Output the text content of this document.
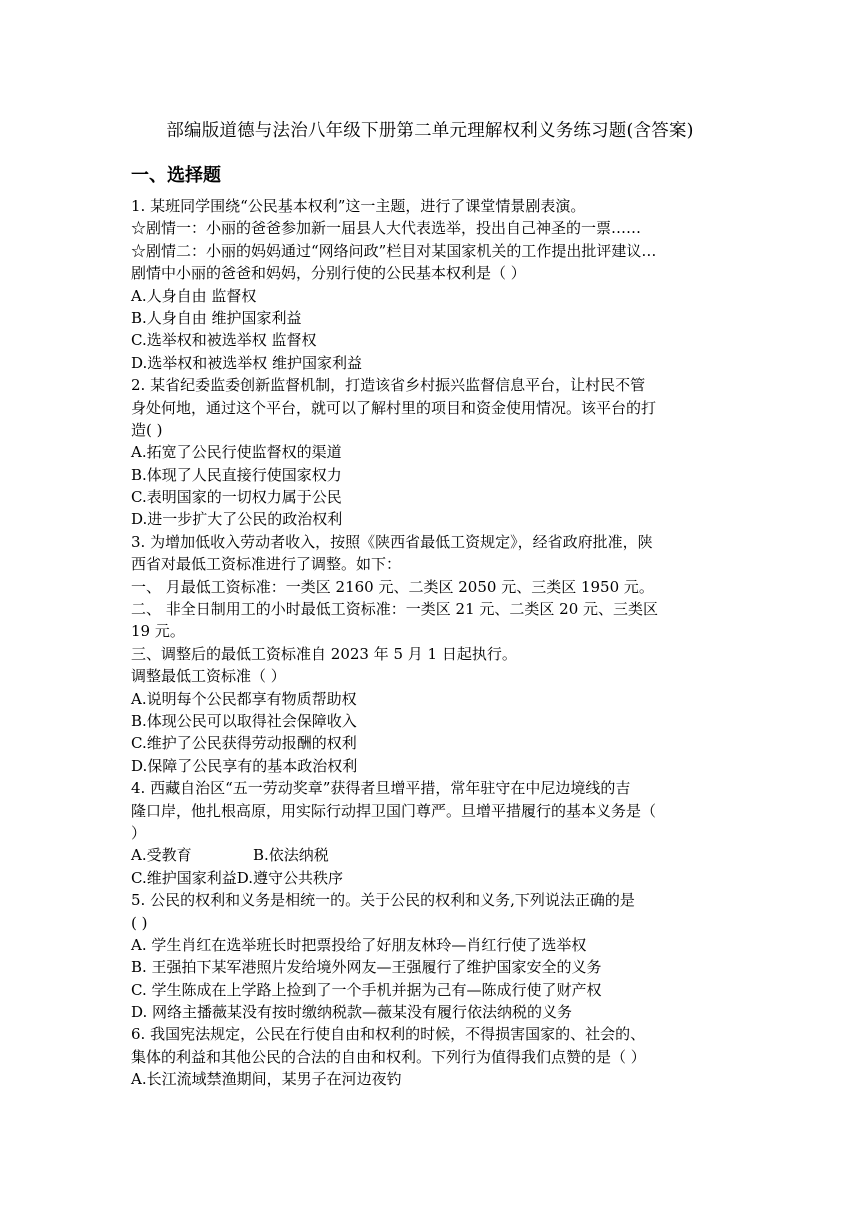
部编版道德与法治八年级下册第二单元理解权利义务练习题(含答案)
一、选择题
1. 某班同学围绕“公民基本权利”这一主题，进行了课堂情景剧表演。
☆剧情一：小丽的爸爸参加新一届县人大代表选举，投出自己神圣的一票……
☆剧情二：小丽的妈妈通过“网络问政”栏目对某国家机关的工作提出批评建议…
剧情中小丽的爸爸和妈妈，分别行使的公民基本权利是（ ）
A.人身自由 监督权
B.人身自由 维护国家利益
C.选举权和被选举权 监督权
D.选举权和被选举权 维护国家利益
2. 某省纪委监委创新监督机制，打造该省乡村振兴监督信息平台，让村民不管
身处何地，通过这个平台，就可以了解村里的项目和资金使用情况。该平台的打
造( )
A.拓宽了公民行使监督权的渠道
B.体现了人民直接行使国家权力
C.表明国家的一切权力属于公民
D.进一步扩大了公民的政治权利
3. 为增加低收入劳动者收入，按照《陕西省最低工资规定》，经省政府批准，陕
西省对最低工资标准进行了调整。如下：
一、 月最低工资标准：一类区 2160 元、二类区 2050 元、三类区 1950 元。
二、 非全日制用工的小时最低工资标准：一类区 21 元、二类区 20 元、三类区
19 元。
三、调整后的最低工资标准自 2023 年 5 月 1 日起执行。
调整最低工资标准（ ）
A.说明每个公民都享有物质帮助权
B.体现公民可以取得社会保障收入
C.维护了公民获得劳动报酬的权利
D.保障了公民享有的基本政治权利
4. 西藏自治区“五一劳动奖章”获得者旦增平措，常年驻守在中尼边境线的吉
隆口岸，他扎根高原，用实际行动捍卫国门尊严。旦增平措履行的基本义务是（
）
A.受教育	B.依法纳税
C.维护国家利益D.遵守公共秩序
5. 公民的权利和义务是相统一的。关于公民的权利和义务,下列说法正确的是
( )
A. 学生肖红在选举班长时把票投给了好朋友林玲—肖红行使了选举权
B. 王强拍下某军港照片发给境外网友—王强履行了维护国家安全的义务
C. 学生陈成在上学路上捡到了一个手机并据为己有—陈成行使了财产权
D. 网络主播薇某没有按时缴纳税款—薇某没有履行依法纳税的义务
6. 我国宪法规定，公民在行使自由和权利的时候，不得损害国家的、社会的、
集体的利益和其他公民的合法的自由和权利。下列行为值得我们点赞的是（ ）
A.长江流域禁渔期间，某男子在河边夜钓
